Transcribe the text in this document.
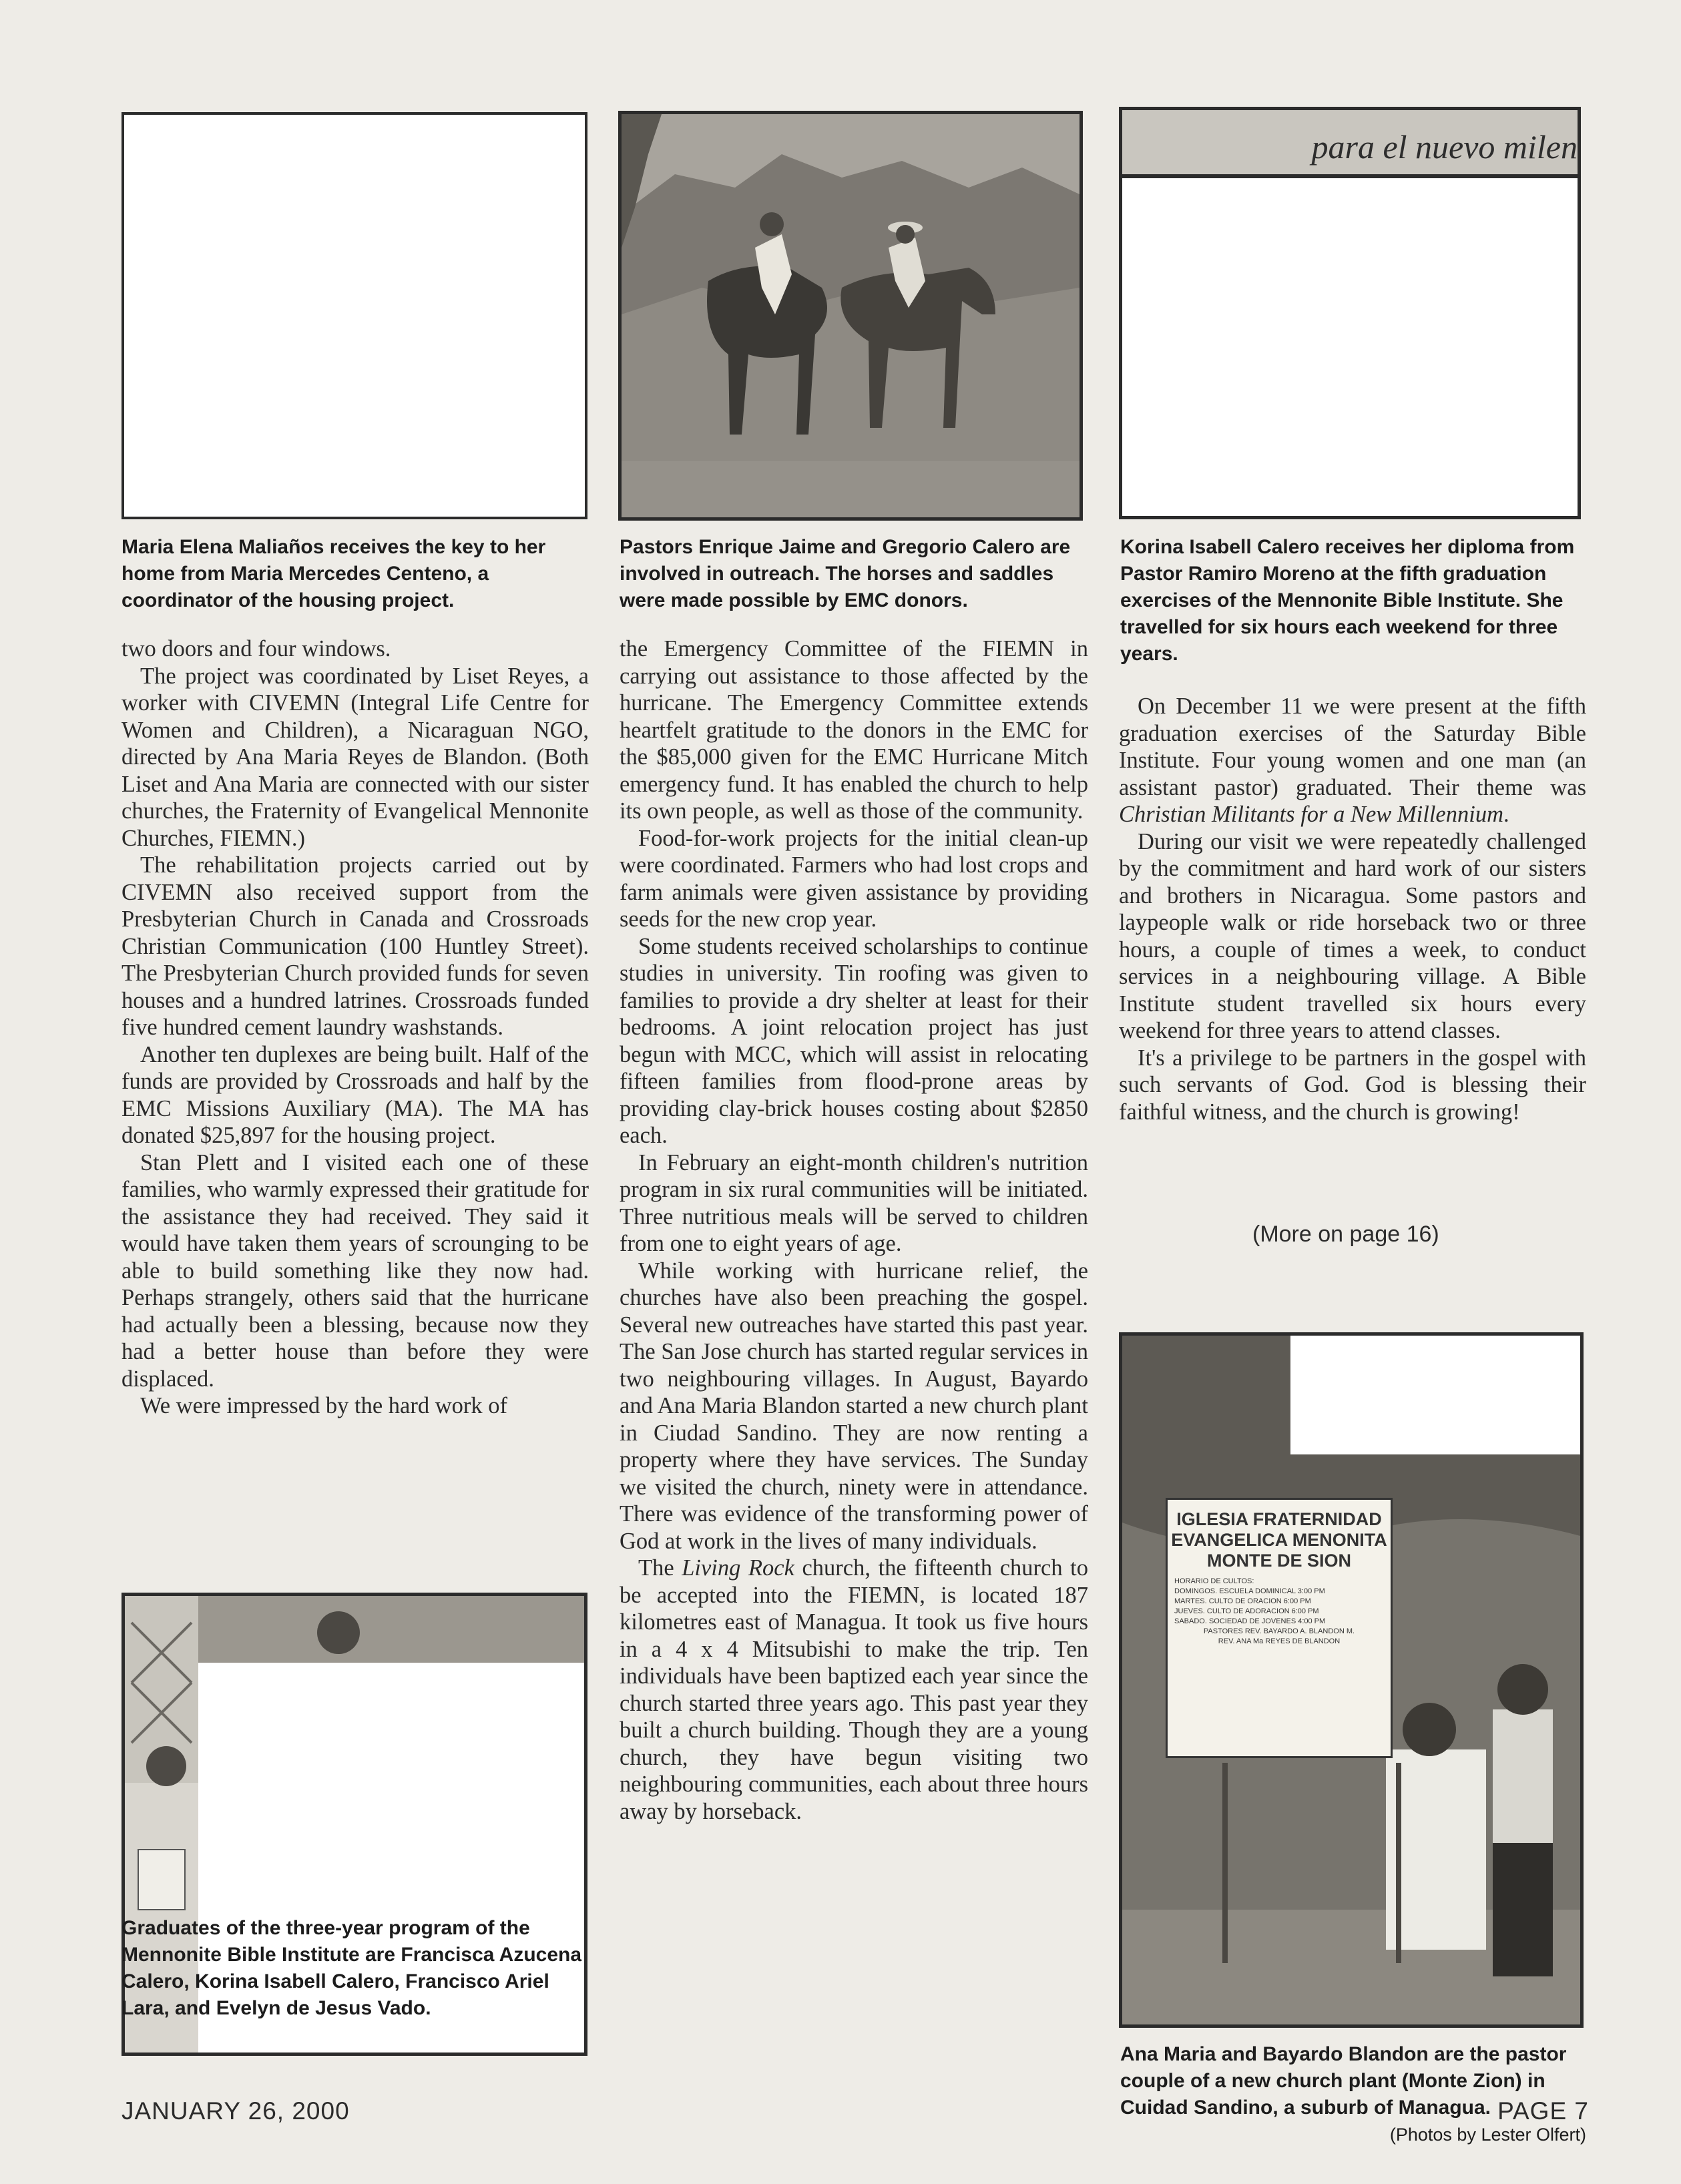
Maria Elena Maliaños receives the key to her home from Maria Mercedes Centeno, a coordinator of the housing project.

Pastors Enrique Jaime and Gregorio Calero are involved in outreach. The horses and saddles were made possible by EMC donors.

para el nuevo milen

Korina Isabell Calero receives her diploma from Pastor Ramiro Moreno at the fifth graduation exercises of the Mennonite Bible Institute. She travelled for six hours each weekend for three years.

two doors and four windows.

The project was coordinated by Liset Reyes, a worker with CIVEMN (Integral Life Centre for Women and Children), a Nicaraguan NGO, directed by Ana Maria Reyes de Blandon. (Both Liset and Ana Maria are connected with our sister churches, the Fraternity of Evangelical Mennonite Churches, FIEMN.)

The rehabilitation projects carried out by CIVEMN also received support from the Presbyterian Church in Canada and Crossroads Christian Communication (100 Huntley Street). The Presbyterian Church provided funds for seven houses and a hundred latrines. Crossroads funded five hundred cement laundry washstands.

Another ten duplexes are being built. Half of the funds are provided by Crossroads and half by the EMC Missions Auxiliary (MA). The MA has donated $25,897 for the housing project.

Stan Plett and I visited each one of these families, who warmly expressed their gratitude for the assistance they had received. They said it would have taken them years of scrounging to be able to build something like they now had. Perhaps strangely, others said that the hurricane had actually been a blessing, because now they had a better house than before they were displaced.

We were impressed by the hard work of

Graduates of the three-year program of the Mennonite Bible Institute are Francisca Azucena Calero, Korina Isabell Calero, Francisco Ariel Lara, and Evelyn de Jesus Vado.

the Emergency Committee of the FIEMN in carrying out assistance to those affected by the hurricane. The Emergency Committee extends heartfelt gratitude to the donors in the EMC for the $85,000 given for the EMC Hurricane Mitch emergency fund. It has enabled the church to help its own people, as well as those of the community.

Food-for-work projects for the initial clean-up were coordinated. Farmers who had lost crops and farm animals were given assistance by providing seeds for the new crop year.

Some students received scholarships to continue studies in university. Tin roofing was given to families to provide a dry shelter at least for their bedrooms. A joint relocation project has just begun with MCC, which will assist in relocating fifteen families from flood-prone areas by providing clay-brick houses costing about $2850 each.

In February an eight-month children's nutrition program in six rural communities will be initiated. Three nutritious meals will be served to children from one to eight years of age.

While working with hurricane relief, the churches have also been preaching the gospel. Several new outreaches have started this past year. The San Jose church has started regular services in two neighbouring villages. In August, Bayardo and Ana Maria Blandon started a new church plant in Ciudad Sandino. They are now renting a property where they have services. The Sunday we visited the church, ninety were in attendance. There was evidence of the transforming power of God at work in the lives of many individuals.

The Living Rock church, the fifteenth church to be accepted into the FIEMN, is located 187 kilometres east of Managua. It took us five hours in a 4 x 4 Mitsubishi to make the trip. Ten individuals have been baptized each year since the church started three years ago. This past year they built a church building. Though they are a young church, they have begun visiting two neighbouring communities, each about three hours away by horseback.

On December 11 we were present at the fifth graduation exercises of the Saturday Bible Institute. Four young women and one man (an assistant pastor) graduated. Their theme was Christian Militants for a New Millennium.

During our visit we were repeatedly challenged by the commitment and hard work of our sisters and brothers in Nicaragua. Some pastors and laypeople walk or ride horseback two or three hours, a couple of times a week, to conduct services in a neighbouring village. A Bible Institute student travelled six hours every weekend for three years to attend classes.

It's a privilege to be partners in the gospel with such servants of God. God is blessing their faithful witness, and the church is growing!

(More on page 16)
IGLESIA FRATERNIDAD EVANGELICA MENONITA MONTE DE SION
HORARIO DE CULTOS:
DOMINGOS. ESCUELA DOMINICAL 3:00 PM
MARTES. CULTO DE ORACION 6:00 PM
JUEVES. CULTO DE ADORACION 6:00 PM
SABADO. SOCIEDAD DE JOVENES 4:00 PM
PASTORES REV. BAYARDO A. BLANDON M.
REV. ANA Ma REYES DE BLANDON

Ana Maria and Bayardo Blandon are the pastor couple of a new church plant (Monte Zion) in Cuidad Sandino, a suburb of Managua.
(Photos by Lester Olfert)

JANUARY 26, 2000	PAGE 7
